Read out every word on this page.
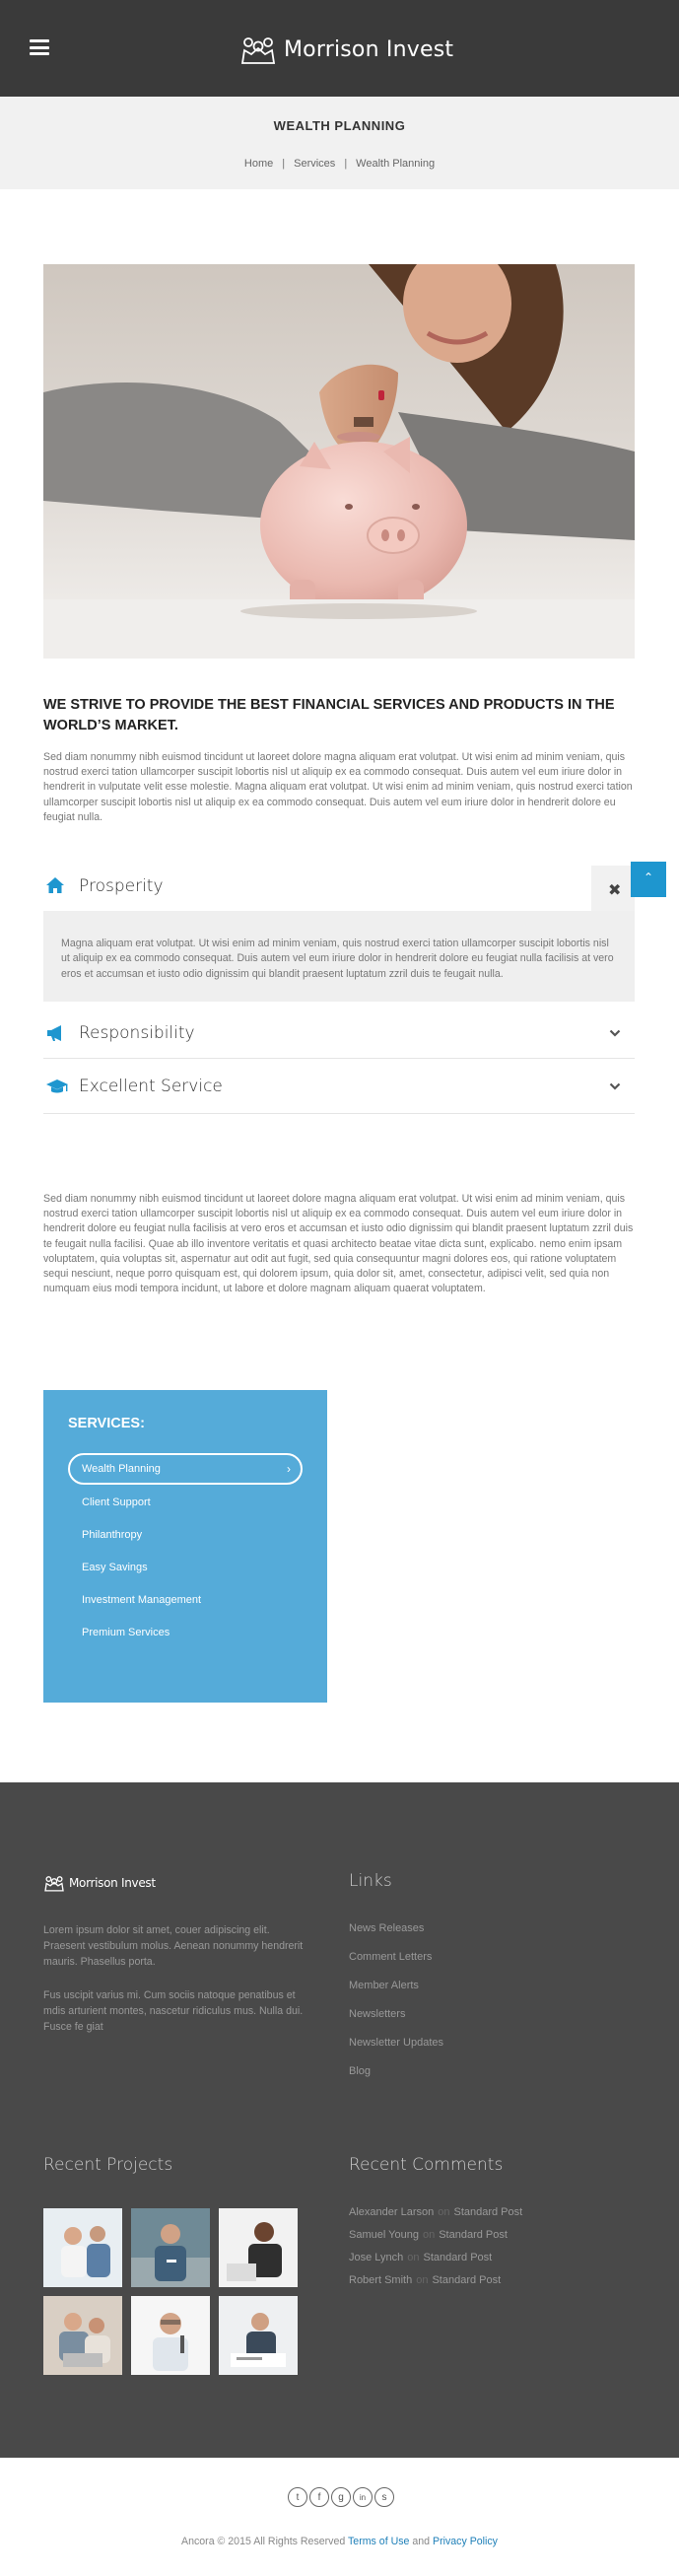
Morrison Invest
WEALTH PLANNING
Home | Services | Wealth Planning
WE STRIVE TO PROVIDE THE BEST FINANCIAL SERVICES AND PRODUCTS IN THE WORLD’S MARKET.
Sed diam nonummy nibh euismod tincidunt ut laoreet dolore magna aliquam erat volutpat. Ut wisi enim ad minim veniam, quis nostrud exerci tation ullamcorper suscipit lobortis nisl ut aliquip ex ea commodo consequat. Duis autem vel eum iriure dolor in hendrerit in vulputate velit esse molestie. Magna aliquam erat volutpat. Ut wisi enim ad minim veniam, quis nostrud exerci tation ullamcorper suscipit lobortis nisl ut aliquip ex ea commodo consequat. Duis autem vel eum iriure dolor in hendrerit dolore eu feugiat nulla.
Prosperity	✖
Magna aliquam erat volutpat. Ut wisi enim ad minim veniam, quis nostrud exerci tation ullamcorper suscipit lobortis nisl ut aliquip ex ea commodo consequat. Duis autem vel eum iriure dolor in hendrerit dolore eu feugiat nulla facilisis at vero eros et accumsan et iusto odio dignissim qui blandit praesent luptatum zzril duis te feugait nulla.
Responsibility
Excellent Service
⌃
Sed diam nonummy nibh euismod tincidunt ut laoreet dolore magna aliquam erat volutpat. Ut wisi enim ad minim veniam, quis nostrud exerci tation ullamcorper suscipit lobortis nisl ut aliquip ex ea commodo consequat. Duis autem vel eum iriure dolor in hendrerit dolore eu feugiat nulla facilisis at vero eros et accumsan et iusto odio dignissim qui blandit praesent luptatum zzril duis te feugait nulla facilisi. Quae ab illo inventore veritatis et quasi architecto beatae vitae dicta sunt, explicabo. nemo enim ipsam voluptatem, quia voluptas sit, aspernatur aut odit aut fugit, sed quia consequuntur magni dolores eos, qui ratione voluptatem sequi nesciunt, neque porro quisquam est, qui dolorem ipsum, quia dolor sit, amet, consectetur, adipisci velit, sed quia non numquam eius modi tempora incidunt, ut labore et dolore magnam aliquam quaerat voluptatem.
SERVICES:
Wealth Planning	›
Client Support
Philanthropy
Easy Savings
Investment Management
Premium Services
Morrison Invest
Lorem ipsum dolor sit amet, couer adipiscing elit. Praesent vestibulum molus. Aenean nonummy hendrerit mauris. Phasellus porta.
Fus uscipit varius mi. Cum sociis natoque penatibus et mdis arturient montes, nascetur ridiculus mus. Nulla dui. Fusce fe giat
Links
News Releases
Comment Letters
Member Alerts
Newsletters
Newsletter Updates
Blog
Recent Projects	Recent Comments
Alexander Larson on Standard Post
Samuel Young on Standard Post
Jose Lynch on Standard Post
Robert Smith on Standard Post
t	f	g	in	s
Ancora © 2015 All Rights Reserved Terms of Use and Privacy Policy
